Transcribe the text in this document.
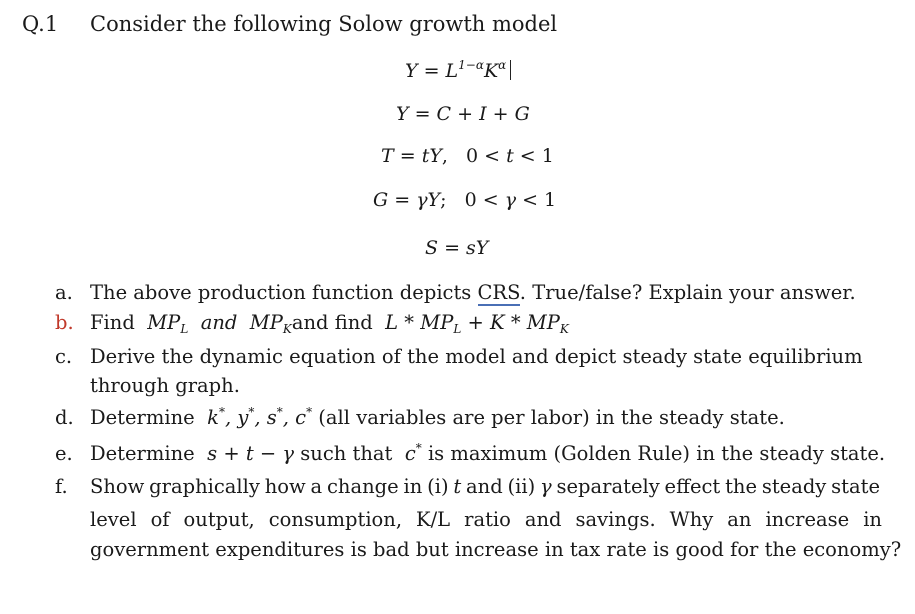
Q.1 Consider the following Solow growth model
$Y = L^{1-\alpha}K^\alpha$
Y = C + I + G
T = tY,   0 < t < 1
G = γY;   0 < γ < 1
S = sY
a. The above production function depicts CRS. True/false? Explain your answer.
b. Find $MP_L$ and $MP_Kand$ find $L * MP_L + K * MP_K$
c. Derive the dynamic equation of the model and depict steady state equilibrium
through graph.
d. Determine k*, y*, s*, c* (all variables are per labor) in the steady state.
e. Determine s + t − γ such that c* is maximum (Golden Rule) in the steady state.
f.	Show graphically how a change in (i) t and (ii) γ separately effect the steady state
level of output, consumption, K/L ratio and savings. Why an increase in
government expenditures is bad but increase in tax rate is good for the economy?
